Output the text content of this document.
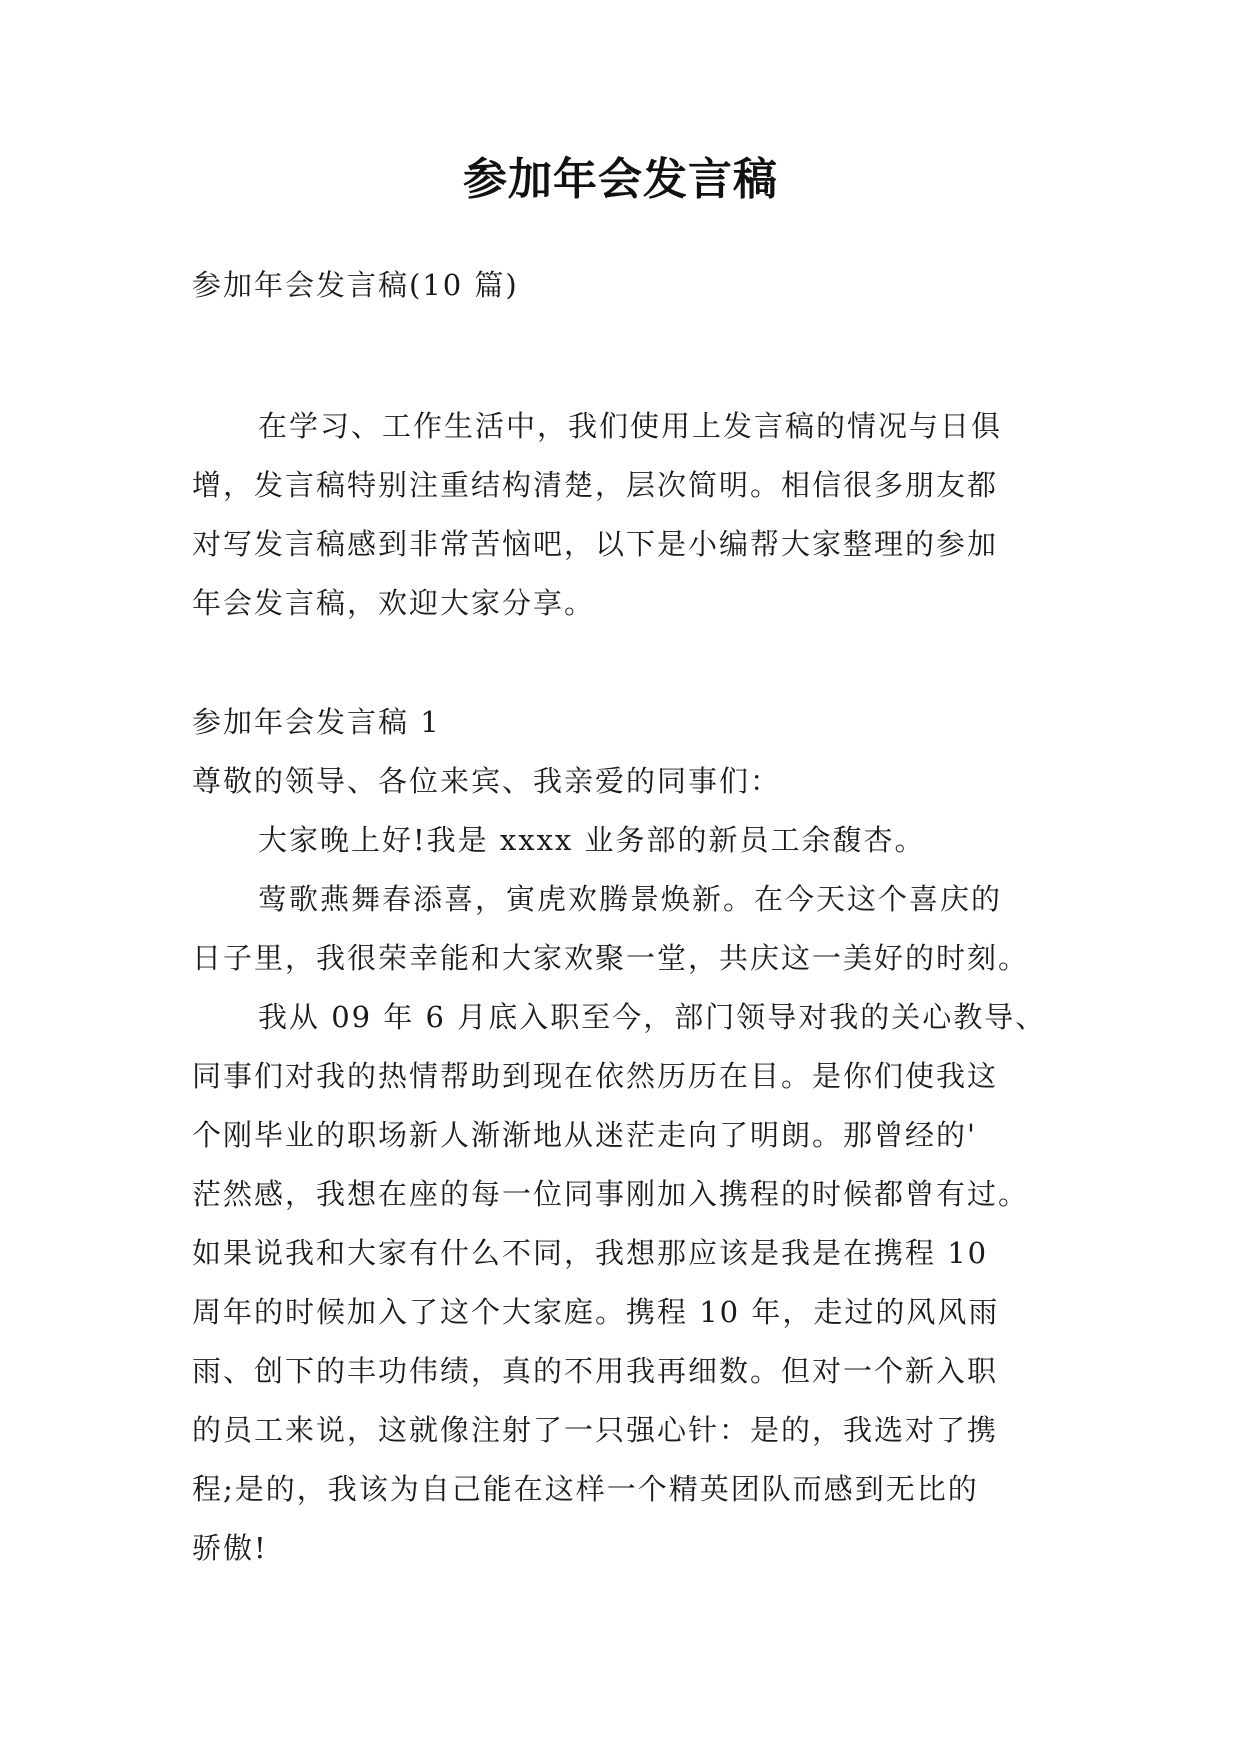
参加年会发言稿
参加年会发言稿(10 篇)
在学习、工作生活中，我们使用上发言稿的情况与日俱
增，发言稿特别注重结构清楚，层次简明。相信很多朋友都
对写发言稿感到非常苦恼吧，以下是小编帮大家整理的参加
年会发言稿，欢迎大家分享。
参加年会发言稿 1
尊敬的领导、各位来宾、我亲爱的同事们：
大家晚上好!我是 xxxx 业务部的新员工余馥杏。
莺歌燕舞春添喜，寅虎欢腾景焕新。在今天这个喜庆的
日子里，我很荣幸能和大家欢聚一堂，共庆这一美好的时刻。
我从 09 年 6 月底入职至今，部门领导对我的关心教导、
同事们对我的热情帮助到现在依然历历在目。是你们使我这
个刚毕业的职场新人渐渐地从迷茫走向了明朗。那曾经的'
茫然感，我想在座的每一位同事刚加入携程的时候都曾有过。
如果说我和大家有什么不同，我想那应该是我是在携程 10
周年的时候加入了这个大家庭。携程 10 年，走过的风风雨
雨、创下的丰功伟绩，真的不用我再细数。但对一个新入职
的员工来说，这就像注射了一只强心针：是的，我选对了携
程;是的，我该为自己能在这样一个精英团队而感到无比的
骄傲!
